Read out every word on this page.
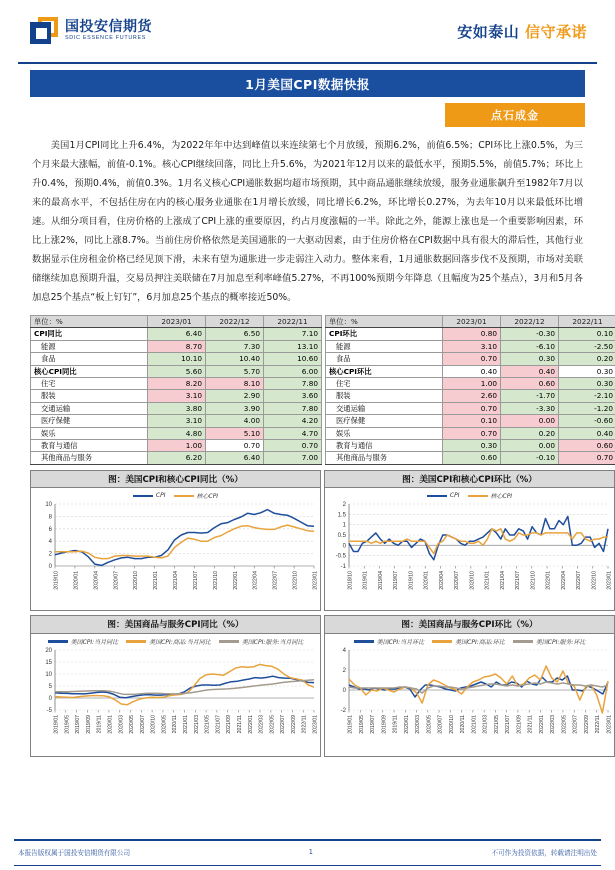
国投安信期货
SDIC ESSENCE FUTURES	安如泰山 信守承诺
1月美国CPI数据快报
点石成金
美国1月CPI同比上升6.4%，为2022年年中达到峰值以来连续第七个月放缓，预期6.2%，前值6.5%；CPI环比上涨0.5%，为三个月来最大涨幅，前值-0.1%。核心CPI继续回落，同比上升5.6%，为2021年12月以来的最低水平，预期5.5%，前值5.7%；环比上升0.4%，预期0.4%，前值0.3%。1月名义核心CPI通胀数据均超市场预期，其中商品通胀继续放缓，服务业通胀飙升至1982年7月以来的最高水平，不包括住房在内的核心服务业通胀在1月增长放缓，同比增长6.2%，环比增长0.27%，为去年10月以来最低环比增速。从细分项目看，住房价格的上涨成了CPI上涨的重要原因，约占月度涨幅的一半。除此之外，能源上涨也是一个重要影响因素，环比上涨2%，同比上涨8.7%。当前住房价格依然是美国通胀的一大驱动因素，由于住房价格在CPI数据中具有很大的滞后性，其他行业数据显示住房租金价格已经见顶下滑，未来有望为通胀进一步走弱注入动力。整体来看，1月通胀数据回落步伐不及预期，市场对美联储继续加息预期升温，交易员押注美联储在7月加息至利率峰值5.27%，不再100%预期今年降息（且幅度为25个基点），3月和5月各加息25个基点“板上钉钉”，6月加息25个基点的概率接近50%。
单位：%	2023/01	2022/12	2022/11
CPI同比	6.40	6.50	7.10
能源	8.70	7.30	13.10
食品	10.10	10.40	10.60
核心CPI同比	5.60	5.70	6.00
住宅	8.20	8.10	7.80
服装	3.10	2.90	3.60
交通运输	3.80	3.90	7.80
医疗保健	3.10	4.00	4.20
娱乐	4.80	5.10	4.70
教育与通信	1.00	0.70	0.70
其他商品与服务	6.20	6.40	7.00
单位：%	2023/01	2022/12	2022/11
CPI环比	0.80	-0.30	0.10
能源	3.10	-6.10	-2.50
食品	0.70	0.30	0.20
核心CPI环比	0.40	0.40	0.30
住宅	1.00	0.60	0.30
服装	2.60	-1.70	-2.10
交通运输	0.70	-3.30	-1.20
医疗保健	0.10	0.00	-0.60
娱乐	0.70	0.20	0.40
教育与通信	0.30	0.00	0.60
其他商品与服务	0.60	-0.10	0.70
图：美国CPI和核心CPI同比（%）
CPI	核心CPI
0
2
4
6
8
10
2019/10	2020/01	2020/04	2020/07	2020/10	2021/01	2021/04	2021/07	2021/10	2022/01	2022/04	2022/07	2022/10	2023/01
图：美国CPI和核心CPI环比（%）
CPI	核心CPI
-1
-0.5
0
0.5
1
1.5
2
2018/10 2019/01 2019/04 2019/07 2019/10 2020/01 2020/04 2020/07 2020/10 2021/01 2021/04 2021/07 2021/10 2022/01 2022/04 2022/07 2022/10 2023/01
图：美国商品与服务CPI同比（%）
美国CPI:当月同比	美国CPI:商品:当月同比	美国CPI:服务:当月同比
-5
0
5
10
15
20
2019/01 2019/05 2019/07 2019/09 2019/11 2020/01 2020/03 2020/05 2020/07 2020/10 2020/05 2020/11 2021/01 2021/03 2021/05 2021/07 2021/09 2021/11 2022/01 2022/03 2022/05 2022/07 2022/09 2022/11 2023/01
图：美国商品与服务CPI环比（%）
美国CPI:当月环比	美国CPI:商品:环比	美国CPI:服务:环比
-2
0
2
4
2019/01 2019/05 2019/07 2019/09 2019/11 2020/01 2020/03 2020/05 2020/07 2020/10 2020/11 2021/01 2021/03 2021/05 2021/07 2021/09 2021/11 2022/01 2022/03 2022/05 2022/07 2022/09 2022/11 2023/01
本报告版权属于国投安信期货有限公司	1	不可作为投资依据，转载请注明出处
